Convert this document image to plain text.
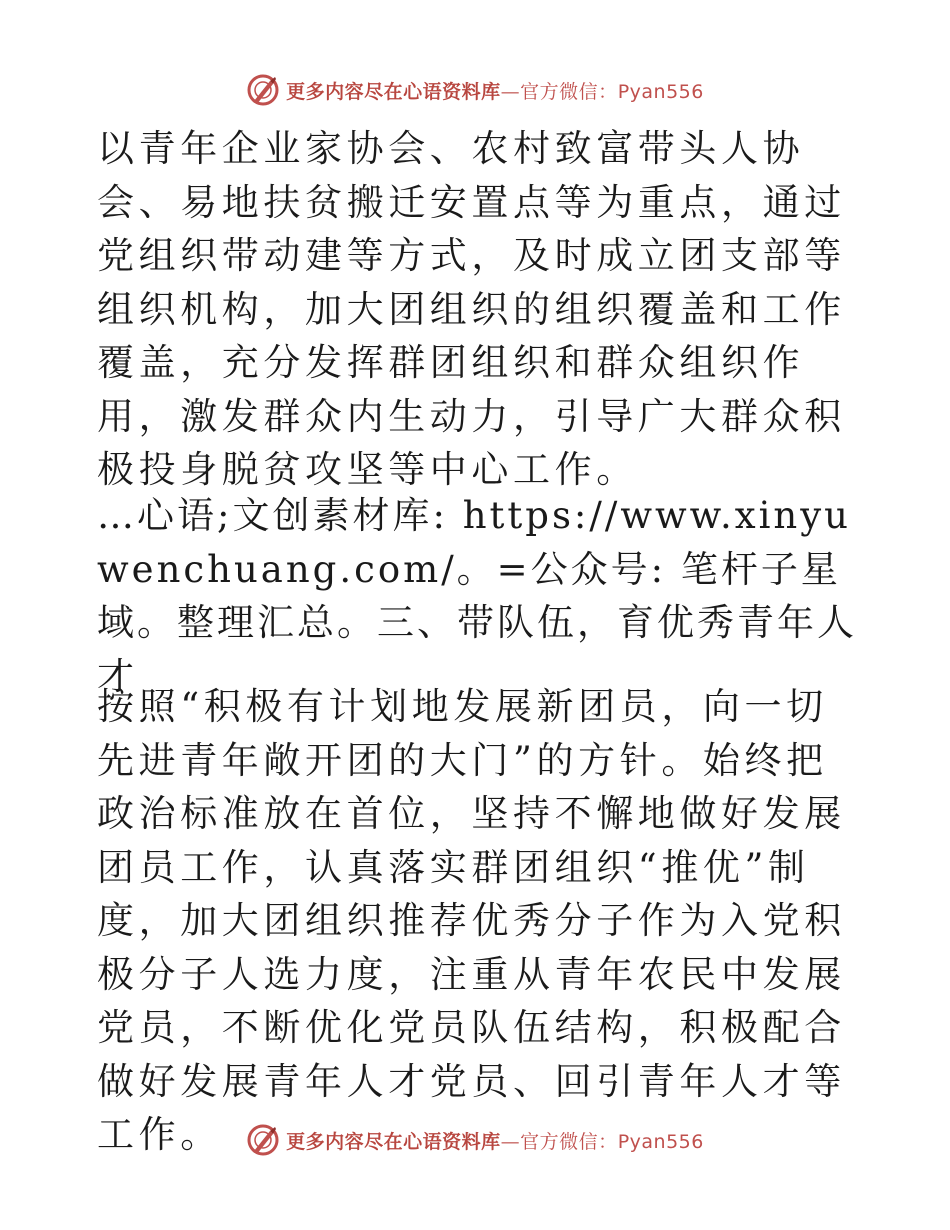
更多内容尽在心语资料库—官方微信：Pyan556

以青年企业家协会、农村致富带头人协会、易地扶贫搬迁安置点等为重点，通过党组织带动建等方式，及时成立团支部等组织机构，加大团组织的组织覆盖和工作覆盖，充分发挥群团组织和群众组织作用，激发群众内生动力，引导广大群众积极投身脱贫攻坚等中心工作。

…心语;文创素材库: https://www.xinyuwenchuang.com/。=公众号: 笔杆子星域。整理汇总。三、带队伍，育优秀青年人才

按照“积极有计划地发展新团员，向一切先进青年敞开团的大门”的方针。始终把政治标准放在首位，坚持不懈地做好发展团员工作，认真落实群团组织“推优”制度，加大团组织推荐优秀分子作为入党积极分子人选力度，注重从青年农民中发展党员，不断优化党员队伍结构，积极配合做好发展青年人才党员、回引青年人才等工作。	更多内容尽在心语资料库—官方微信：Pyan556
